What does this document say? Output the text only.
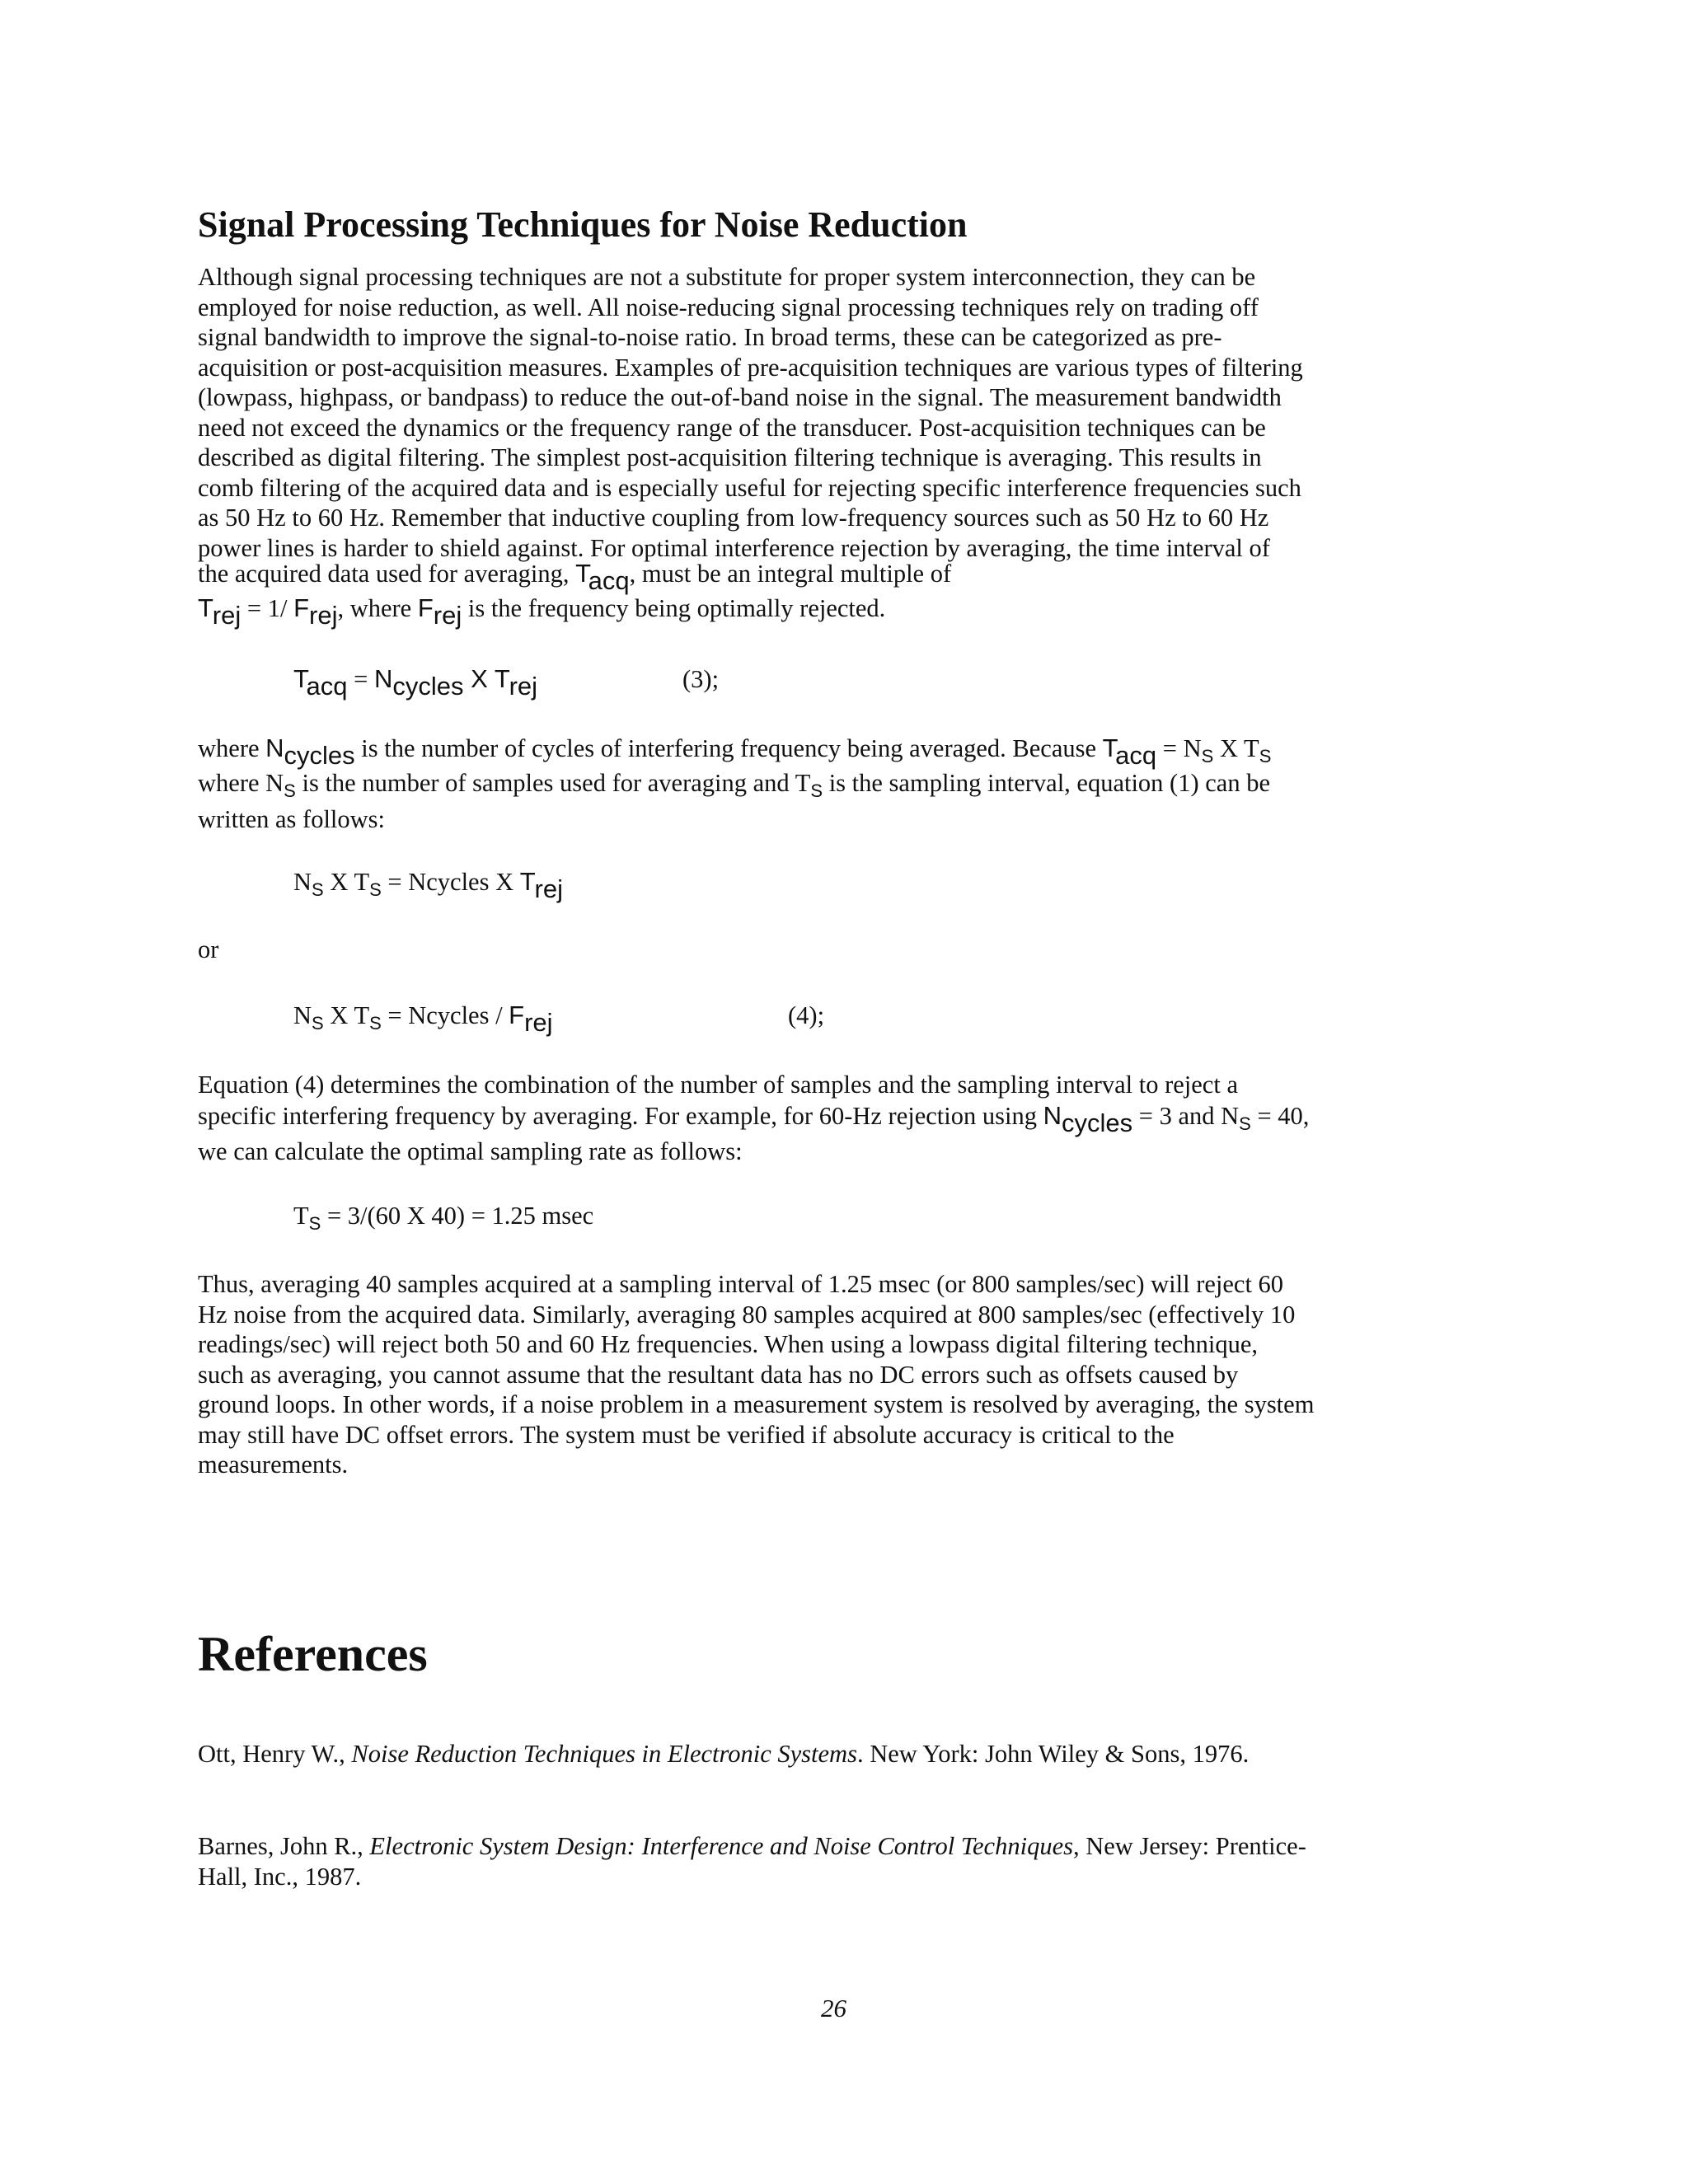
Signal Processing Techniques for Noise Reduction
Although signal processing techniques are not a substitute for proper system interconnection, they can be
employed for noise reduction, as well. All noise-reducing signal processing techniques rely on trading off
signal bandwidth to improve the signal-to-noise ratio. In broad terms, these can be categorized as pre-
acquisition or post-acquisition measures. Examples of pre-acquisition techniques are various types of filtering
(lowpass, highpass, or bandpass) to reduce the out-of-band noise in the signal. The measurement bandwidth
need not exceed the dynamics or the frequency range of the transducer. Post-acquisition techniques can be
described as digital filtering. The simplest post-acquisition filtering technique is averaging. This results in
comb filtering of the acquired data and is especially useful for rejecting specific interference frequencies such
as 50 Hz to 60 Hz. Remember that inductive coupling from low-frequency sources such as 50 Hz to 60 Hz
power lines is harder to shield against. For optimal interference rejection by averaging, the time interval of
the acquired data used for averaging, Tacq, must be an integral multiple of
Trej = 1/ Frej, where Frej is the frequency being optimally rejected.
Tacq = Ncycles X Trej	(3);
where Ncycles is the number of cycles of interfering frequency being averaged. Because Tacq = $N_S$ X $T_S$
where $N_S$ is the number of samples used for averaging and $T_S$ is the sampling interval, equation (1) can be
written as follows:
$N_S$ X $T_S$ = Ncycles X Trej
or
$N_S$ X $T_S$ = Ncycles / Frej	(4);
Equation (4) determines the combination of the number of samples and the sampling interval to reject a
specific interfering frequency by averaging. For example, for 60-Hz rejection using Ncycles = 3 and $N_S = 40$,
we can calculate the optimal sampling rate as follows:
$T_S = 3/(60$ X 40) = 1.25 msec
Thus, averaging 40 samples acquired at a sampling interval of 1.25 msec (or 800 samples/sec) will reject 60
Hz noise from the acquired data. Similarly, averaging 80 samples acquired at 800 samples/sec (effectively 10
readings/sec) will reject both 50 and 60 Hz frequencies. When using a lowpass digital filtering technique,
such as averaging, you cannot assume that the resultant data has no DC errors such as offsets caused by
ground loops. In other words, if a noise problem in a measurement system is resolved by averaging, the system
may still have DC offset errors. The system must be verified if absolute accuracy is critical to the
measurements.
References
Ott, Henry W., Noise Reduction Techniques in Electronic Systems. New York: John Wiley & Sons, 1976.
Barnes, John R., Electronic System Design: Interference and Noise Control Techniques, New Jersey: Prentice-
Hall, Inc., 1987.
26
